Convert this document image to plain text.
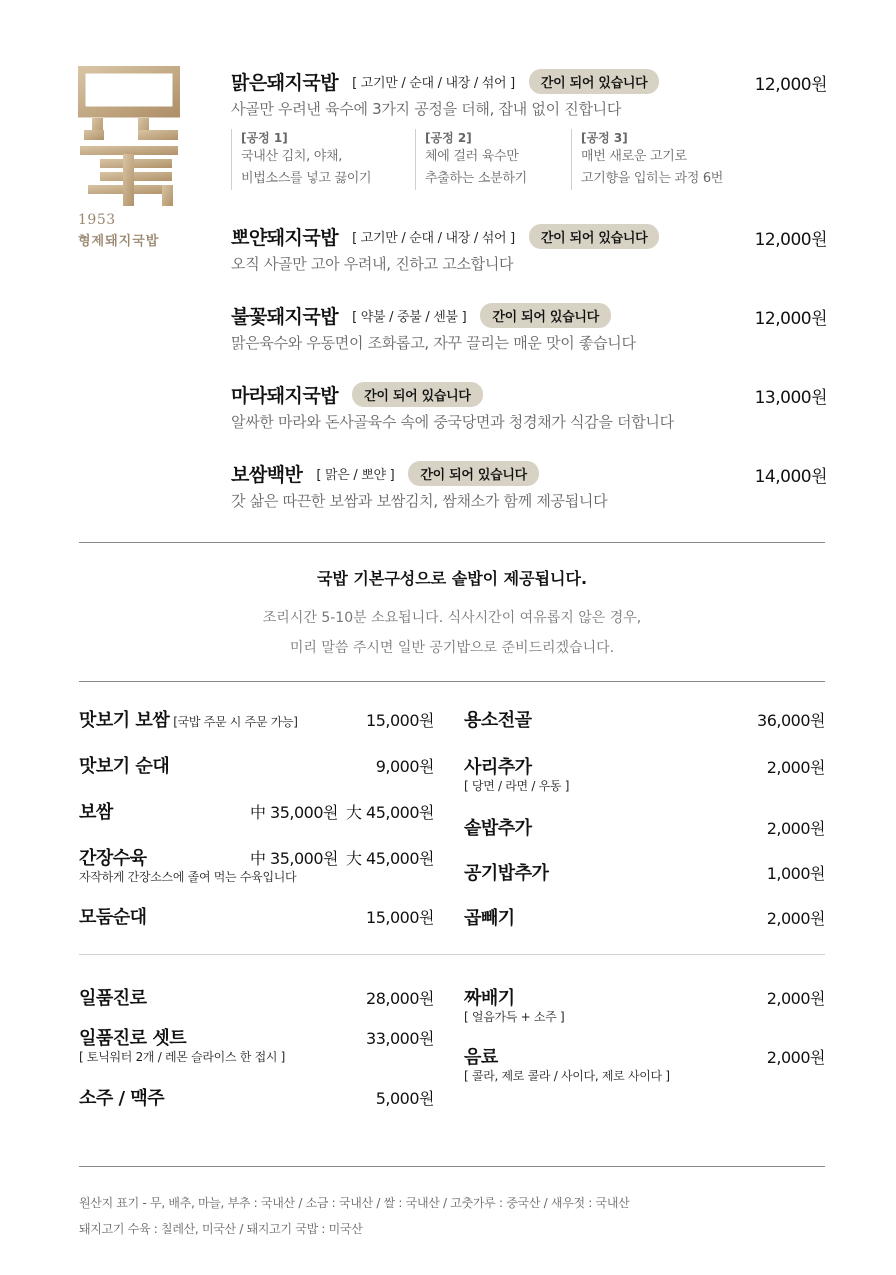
1953
형제돼지국밥
맑은돼지국밥 [ 고기만 / 순대 / 내장 / 섞어 ]	간이 되어 있습니다	12,000원
사골만 우려낸 육수에 3가지 공정을 더해, 잡내 없이 진합니다
[공정 1]
국내산 김치, 야채,
비법소스를 넣고 끓이기
[공정 2]
체에 걸러 육수만
추출하는 소분하기
[공정 3]
매번 새로운 고기로
고기향을 입히는 과정 6번
뽀얀돼지국밥 [ 고기만 / 순대 / 내장 / 섞어 ]	간이 되어 있습니다	12,000원
오직 사골만 고아 우려내, 진하고 고소합니다
불꽃돼지국밥 [ 약불 / 중불 / 센불 ]	간이 되어 있습니다	12,000원
맑은육수와 우동면이 조화롭고, 자꾸 끌리는 매운 맛이 좋습니다
마라돼지국밥	간이 되어 있습니다	13,000원
알싸한 마라와 돈사골육수 속에 중국당면과 청경채가 식감을 더합니다
보쌈백반 [ 맑은 / 뽀얀 ]	간이 되어 있습니다	14,000원
갓 삶은 따끈한 보쌈과 보쌈김치, 쌈채소가 함께 제공됩니다
국밥 기본구성으로 솥밥이 제공됩니다.
조리시간 5-10분 소요됩니다. 식사시간이 여유롭지 않은 경우,
미리 말씀 주시면 일반 공기밥으로 준비드리겠습니다.
맛보기 보쌈 [국밥 주문 시 주문 가능]	15,000원
맛보기 순대	9,000원
보쌈	中 35,000원 大 45,000원
간장수육	中 35,000원 大 45,000원
자작하게 간장소스에 졸여 먹는 수육입니다
모둠순대	15,000원
용소전골	36,000원
사리추가	2,000원
[ 당면 / 라면 / 우동 ]
솥밥추가	2,000원
공기밥추가	1,000원
곱빼기	2,000원
일품진로	28,000원
일품진로 셋트	33,000원
[ 토닉워터 2개 / 레몬 슬라이스 한 접시 ]
소주 / 맥주	5,000원
짜배기	2,000원
[ 얼음가득 + 소주 ]
음료	2,000원
[ 콜라, 제로 콜라 / 사이다, 제로 사이다 ]
원산지 표기 - 무, 배추, 마늘, 부추 : 국내산 / 소금 : 국내산 / 쌀 : 국내산 / 고춧가루 : 중국산 / 새우젓 : 국내산
돼지고기 수육 : 칠레산, 미국산 / 돼지고기 국밥 : 미국산
